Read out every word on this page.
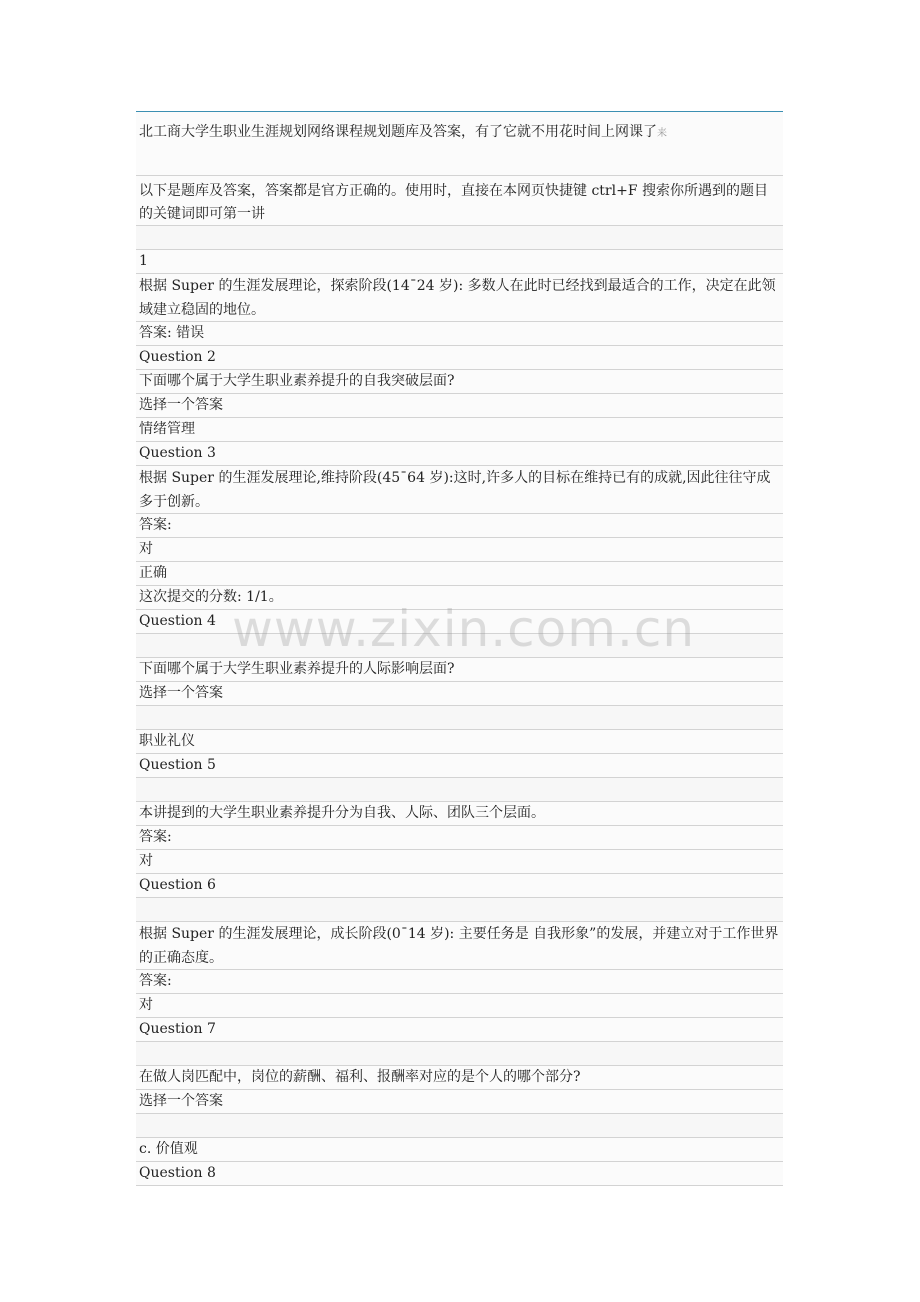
北工商大学生职业生涯规划网络课程规划题库及答案，有了它就不用花时间上网课了来
以下是题库及答案，答案都是官方正确的。使用时，直接在本网页快捷键 ctrl+F 搜索你所遇到的题目的关键词即可第一讲
1
根据 Super 的生涯发展理论，探索阶段(14¯24 岁): 多数人在此时已经找到最适合的工作，决定在此领域建立稳固的地位。
答案: 错误
Question 2
下面哪个属于大学生职业素养提升的自我突破层面?
选择一个答案
情绪管理
Question 3
根据 Super 的生涯发展理论,维持阶段(45¯64 岁):这时,许多人的目标在维持已有的成就,因此往往守成多于创新。
答案:
对
正确
这次提交的分数: 1/1。
Question 4
下面哪个属于大学生职业素养提升的人际影响层面?
选择一个答案
职业礼仪
Question 5
本讲提到的大学生职业素养提升分为自我、人际、团队三个层面。
答案:
对
Question 6
根据 Super 的生涯发展理论，成长阶段(0¯14 岁): 主要任务是 自我形象”的发展，并建立对于工作世界的正确态度。
答案:
对
Question 7
在做人岗匹配中，岗位的薪酬、福利、报酬率对应的是个人的哪个部分?
选择一个答案
c. 价值观
Question 8
www.zixin.com.cn
